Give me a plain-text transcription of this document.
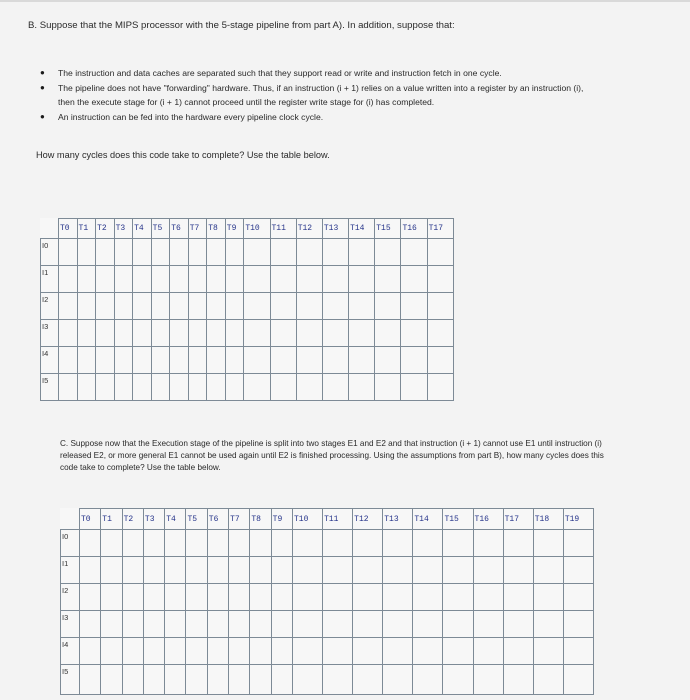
B. Suppose that the MIPS processor with the 5-stage pipeline from part A). In addition, suppose that:
● The instruction and data caches are separated such that they support read or write and instruction fetch in one cycle.
● The pipeline does not have "forwarding" hardware. Thus, if an instruction (i + 1) relies on a value written into a register by an instruction (i), then the execute stage for (i + 1) cannot proceed until the register write stage for (i) has completed.
● An instruction can be fed into the hardware every pipeline clock cycle.
How many cycles does this code take to complete? Use the table below.
	T0	T1	T2	T3	T4	T5	T6	T7	T8	T9	T10	T11	T12	T13	T14	T15	T16	T17
I0																		
I1																		
I2																		
I3																		
I4																		
I5																		
C. Suppose now that the Execution stage of the pipeline is split into two stages E1 and E2 and that instruction (i + 1) cannot use E1 until instruction (i) released E2, or more general E1 cannot be used again until E2 is finished processing. Using the assumptions from part B), how many cycles does this code take to complete? Use the table below.
	T0	T1	T2	T3	T4	T5	T6	T7	T8	T9	T10	T11	T12	T13	T14	T15	T16	T17	T18	T19
I0																				
I1																				
I2																				
I3																				
I4																				
I5																				
